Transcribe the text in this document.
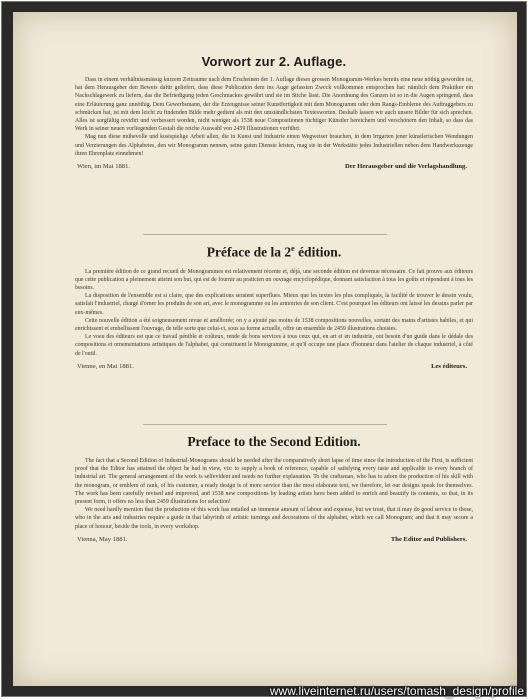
Vorwort zur 2. Auflage.

Dass in einem verhältnissmässig kurzem Zeitraume nach dem Erscheinen der 1. Auflage dieses grossen Monogramm-Werkes bereits eine neue nöthig geworden ist, hat dem Herausgeber den Beweis dafür geliefert, dass diese Publication dem ins Auge gefassten Zweck vollkommen entsprochen hat: nämlich dem Praktiker ein Nachschlagewerk zu liefern, das die Befriedigung jeden Geschmackes gewährt und sie im Stiche lässt. Die Anordnung des Ganzen ist so in die Augen springend, dass eine Erläuterung ganz unnöthig. Dem Gewerbsmann, der die Erzeugnisse seiner Kunstfertigkeit mit dem Monogramm oder dem Rangs-Embleme des Auftraggebers zu schmücken hat, ist mit dem leicht zu findenden Bilde mehr gedient als mit den umständlichsten Textesworten. Deshalb lassen wir auch unsere Bilder für sich sprechen. Alles ist sorgfältig revidirt und verbessert worden, nicht weniger als 1538 neue Compositionen tüchtiger Künstler bereichern und verschönern den Inhalt, so dass das Werk in seiner neuen vorliegenden Gestalt die reiche Auswahl von 2459 Illustrationen vorführt.

Mag nun diese mühevolle und kostspielige Arbeit allen, die in Kunst und Industrie einen Wegweiser brauchen, in dem Irrgarten jener künstlerischen Wendungen und Verzierungen des Alphabetes, den wir Monogramm nennen, seine guten Dienste leisten, mag sie in der Werkstätte jedes Industriellen neben dem Handwerkszeuge ihren Ehrenplatz einnehmen!

Wien, im Mai 1881.	Der Herausgeber und die Verlagshandlung.
Préface de la 2e édition.

La première édition de ce grand recueil de Monogrammes est relativement récente et, déjà, une seconde édition est devenue nécessaire. Ce fait prouve aux éditeurs que cette publication a pleinement atteint son but, qui est de fournir au praticien un ouvrage encyclopédique, donnant satisfaction à tous les goûts et répondant à tous les besoins.

La disposition de l'ensemble est si claire, que des explications seraient superflues. Mieux que les textes les plus compliqués, la facilité de trouver le dessin voulu, satisfait l'industriel, chargé d'orner les produits de son art, avec le monogramme ou les armoiries de son client. C'est pourquoi les éditeurs ont laissé les dessins parler par eux-mêmes.

Cette nouvelle édition a été soigneusement revue et améliorée; on y a ajouté pas moins de 1538 compositions nouvelles, sortant des mains d'artistes habiles, et qui enrichissent et embellissent l'ouvrage, de telle sorte que celui-ci, sous sa forme actuelle, offre un ensemble de 2459 illustrations choisies.

Le voeu des éditeurs est que ce travail pénible et coûteux, rende de bons services à tous ceux qui, en art et en industrie, ont besoin d'un guide dans le dédale des compositions et ornementations artistiques de l'alphabet, qui constituent le Monogramme, et qu'il occupe une place d'honneur dans l'atelier de chaque industriel, à côté de l'outil.

Vienne, en Mai 1881.	Les éditeurs.
Preface to the Second Edition.

The fact that a Second Edition of Industrial-Monograms should be needed after the comparatively short lapse of time since the introduction of the First, is sufficient proof that the Editor has attained the object he had in view, viz: to supply a book of reference, capable of satisfying every taste and applicable to every branch of industrial art. The general arrangement of the work is selfevident and needs no further explanation. To the craftsman, who has to adorn the production of his skill with the monogram, or emblem of rank, of his customer, a ready design is of more service than the most elaborate text, we therefore, let our designs speak for themselves. The work has been carefully revised and improved, and 1538 new compositions by leading artists have been added to enrich and beautify its contents, so that, in its present form, it offers no less than 2459 illustrations for selection!

We need hardly mention that the production of this work has entailed an immense amount of labour and expense, but we trust, that it may do good service to those, who in the arts and industries require a guide in that labyrinth of artistic turnings and decorations of the alphabet, which we call Monogram; and that it may secure a place of honour, beside the tools, in every workshop.

Vienna, May 1881.	The Editor and Publishers.
www.liveinternet.ru/users/tomash_design/profile
